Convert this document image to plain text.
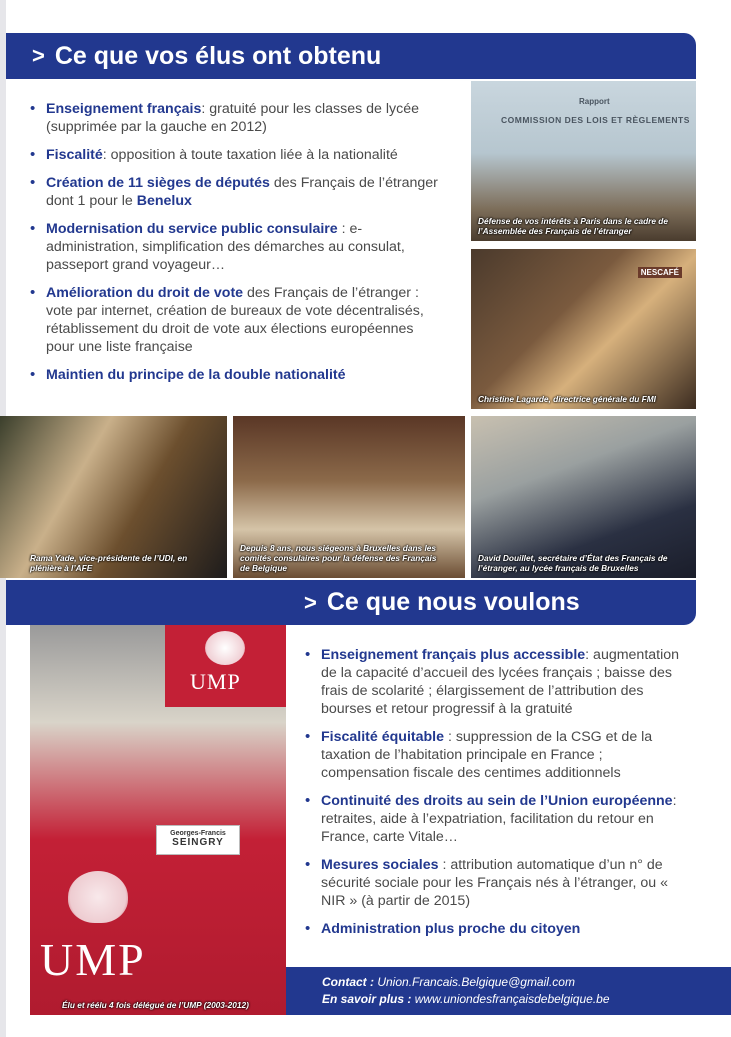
> Ce que vos élus ont obtenu
• Enseignement français: gratuité pour les classes de lycée (supprimée par la gauche en 2012)
• Fiscalité: opposition à toute taxation liée à la nationalité
• Création de 11 sièges de députés des Français de l’étranger dont 1 pour le Benelux
• Modernisation du service public consulaire : e-administration, simplification des démarches au consulat, passeport grand voyageur…
• Amélioration du droit de vote des Français de l’étranger : vote par internet, création de bureaux de vote décentralisés, rétablissement du droit de vote aux élections européennes pour une liste française
• Maintien du principe de la double nationalité
Rapport
COMMISSION DES LOIS ET RÈGLEMENTS
Défense de vos intérêts à Paris dans le cadre de l’Assemblée des Français de l’étranger
NESCAFÉ
Christine Lagarde, directrice générale du FMI
Rama Yade, vice-présidente de l’UDI, en plénière à l’AFE
Depuis 8 ans, nous siégeons à Bruxelles dans les comités consulaires pour la défense des Français de Belgique
David Douillet, secrétaire d’État des Français de l’étranger, au lycée français de Bruxelles
> Ce que nous voulons
UMP
Georges-Francis
SEINGRY
UMP
Élu et réélu 4 fois délégué de l’UMP (2003-2012)
• Enseignement français plus accessible: augmentation de la capacité d’accueil des lycées français ; baisse des frais de scolarité ; élargissement de l’attribution des bourses et retour progressif à la gratuité
• Fiscalité équitable : suppression de la CSG et de la taxation de l’habitation principale en France ; compensation fiscale des centimes additionnels
• Continuité des droits au sein de l’Union européenne: retraites, aide à l’expatriation, facilitation du retour en France, carte Vitale…
• Mesures sociales : attribution automatique d’un n° de sécurité sociale pour les Français nés à l’étranger, ou « NIR » (à partir de 2015)
• Administration plus proche du citoyen
Contact : Union.Francais.Belgique@gmail.com
En savoir plus : www.uniondesfrançaisdebelgique.be
